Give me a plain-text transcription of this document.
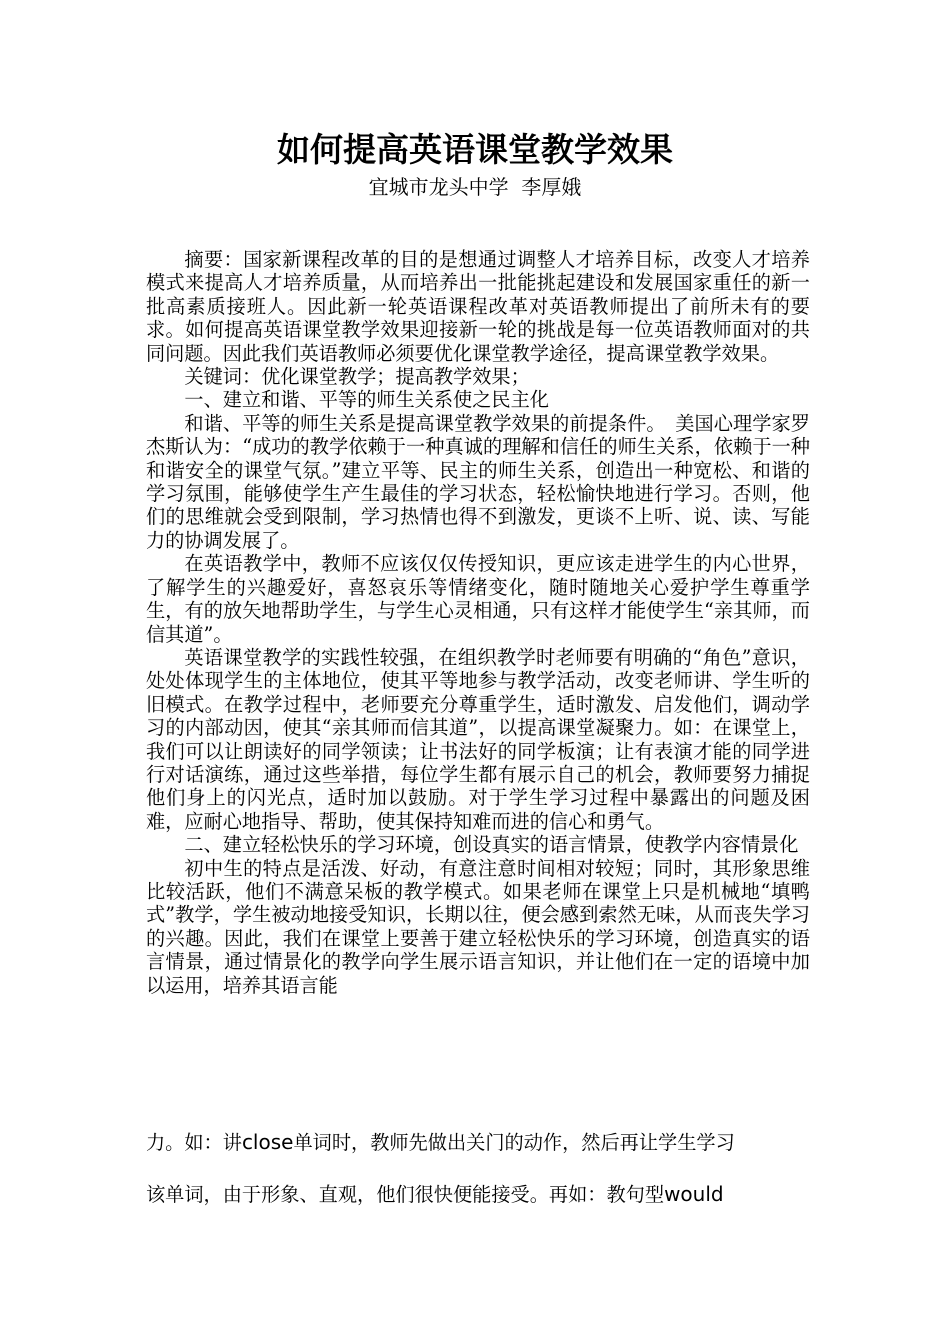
如何提高英语课堂教学效果
宜城市龙头中学  李厚娥

摘要：国家新课程改革的目的是想通过调整人才培养目标，改变人才培养模式来提高人才培养质量，从而培养出一批能挑起建设和发展国家重任的新一批高素质接班人。因此新一轮英语课程改革对英语教师提出了前所未有的要求。如何提高英语课堂教学效果迎接新一轮的挑战是每一位英语教师面对的共同问题。因此我们英语教师必须要优化课堂教学途径，提高课堂教学效果。

关键词：优化课堂教学；提高教学效果；

一、建立和谐、平等的师生关系使之民主化

和谐、平等的师生关系是提高课堂教学效果的前提条件。　美国心理学家罗杰斯认为：“成功的教学依赖于一种真诚的理解和信任的师生关系，依赖于一种和谐安全的课堂气氛。”建立平等、民主的师生关系，创造出一种宽松、和谐的学习氛围，能够使学生产生最佳的学习状态，轻松愉快地进行学习。否则，他们的思维就会受到限制，学习热情也得不到激发，更谈不上听、说、读、写能力的协调发展了。

在英语教学中，教师不应该仅仅传授知识，更应该走进学生的内心世界，了解学生的兴趣爱好，喜怒哀乐等情绪变化，随时随地关心爱护学生尊重学生，有的放矢地帮助学生，与学生心灵相通，只有这样才能使学生“亲其师，而信其道”。

英语课堂教学的实践性较强，在组织教学时老师要有明确的“角色”意识，处处体现学生的主体地位，使其平等地参与教学活动，改变老师讲、学生听的旧模式。在教学过程中，老师要充分尊重学生，适时激发、启发他们，调动学习的内部动因，使其“亲其师而信其道”，以提高课堂凝聚力。如：在课堂上，我们可以让朗读好的同学领读；让书法好的同学板演；让有表演才能的同学进行对话演练，通过这些举措，每位学生都有展示自己的机会，教师要努力捕捉他们身上的闪光点，适时加以鼓励。对于学生学习过程中暴露出的问题及困难，应耐心地指导、帮助，使其保持知难而进的信心和勇气。

二、建立轻松快乐的学习环境，创设真实的语言情景，使教学内容情景化

初中生的特点是活泼、好动，有意注意时间相对较短；同时，其形象思维比较活跃，他们不满意呆板的教学模式。如果老师在课堂上只是机械地“填鸭式”教学，学生被动地接受知识，长期以往，便会感到索然无味，从而丧失学习的兴趣。因此，我们在课堂上要善于建立轻松快乐的学习环境，创造真实的语言情景，通过情景化的教学向学生展示语言知识，并让他们在一定的语境中加以运用，培养其语言能

力。如：讲close单词时，教师先做出关门的动作，然后再让学生学习
该单词，由于形象、直观，他们很快便能接受。再如：教句型would
